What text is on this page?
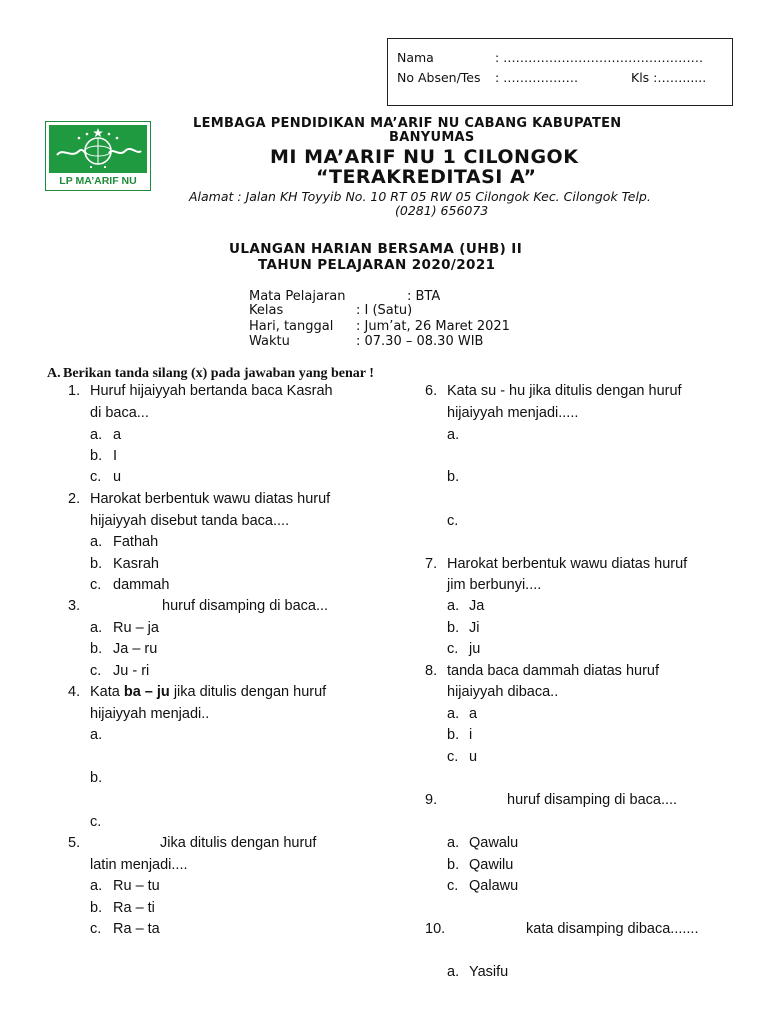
Nama	: …………………………………………
No Absen/Tes : ………………	Kls :……......
LP MA’ARIF NU
LEMBAGA PENDIDIKAN MA’ARIF NU CABANG KABUPATEN
BANYUMAS
MI MA’ARIF NU 1 CILONGOK
“TERAKREDITASI A”
Alamat : Jalan KH Toyyib No. 10 RT 05 RW 05 Cilongok Kec. Cilongok Telp.
(0281) 656073
ULANGAN HARIAN BERSAMA (UHB) II
TAHUN PELAJARAN 2020/2021
Mata Pelajaran	: BTA
Kelas	: I (Satu)
Hari, tanggal : Jum’at, 26 Maret 2021
Waktu	: 07.30 – 08.30 WIB
A. Berikan tanda silang (x) pada jawaban yang benar !
1. Huruf hijaiyyah bertanda baca Kasrah
di baca...
a. a
b. I
c. u
2. Harokat berbentuk wawu diatas huruf
hijaiyyah disebut tanda baca....
a. Fathah
b. Kasrah
c. dammah
3.	huruf disamping di baca...
a. Ru – ja
b. Ja – ru
c. Ju - ri
4. Kata ba – ju jika ditulis dengan huruf
hijaiyyah menjadi..
a.
b.
c.
5.	Jika ditulis dengan huruf
latin menjadi....
a. Ru – tu
b. Ra – ti
c. Ra – ta
6. Kata su - hu jika ditulis dengan huruf
hijaiyyah menjadi.....
a.
b.
c.
7. Harokat berbentuk wawu diatas huruf
jim berbunyi....
a. Ja
b. Ji
c. ju
8. tanda baca dammah diatas huruf
hijaiyyah dibaca..
a. a
b. i
c. u
9.	huruf disamping di baca....
a. Qawalu
b. Qawilu
c. Qalawu
10.	kata disamping dibaca.......
a. Yasifu
